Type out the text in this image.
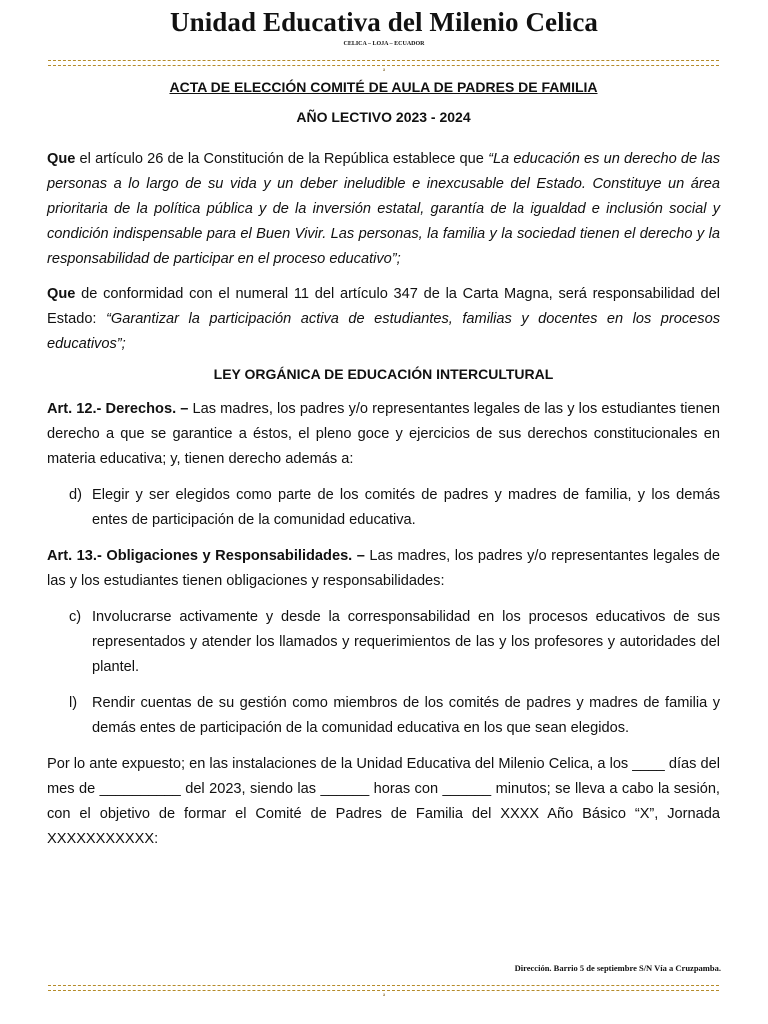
Unidad Educativa del Milenio Celica
CELICA – LOJA – ECUADOR
a
ACTA DE ELECCIÓN COMITÉ DE AULA DE PADRES DE FAMILIA
AÑO LECTIVO 2023 - 2024

Que el artículo 26 de la Constitución de la República establece que “La educación es un derecho de las personas a lo largo de su vida y un deber ineludible e inexcusable del Estado. Constituye un área prioritaria de la política pública y de la inversión estatal, garantía de la igualdad e inclusión social y condición indispensable para el Buen Vivir. Las personas, la familia y la sociedad tienen el derecho y la responsabilidad de participar en el proceso educativo”;

Que de conformidad con el numeral 11 del artículo 347 de la Carta Magna, será responsabilidad del Estado: “Garantizar la participación activa de estudiantes, familias y docentes en los procesos educativos”;

LEY ORGÁNICA DE EDUCACIÓN INTERCULTURAL

Art. 12.- Derechos. – Las madres, los padres y/o representantes legales de las y los estudiantes tienen derecho a que se garantice a éstos, el pleno goce y ejercicios de sus derechos constitucionales en materia educativa; y, tienen derecho además a:

d) Elegir y ser elegidos como parte de los comités de padres y madres de familia, y los demás entes de participación de la comunidad educativa.

Art. 13.- Obligaciones y Responsabilidades. – Las madres, los padres y/o representantes legales de las y los estudiantes tienen obligaciones y responsabilidades:

c) Involucrarse activamente y desde la corresponsabilidad en los procesos educativos de sus representados y atender los llamados y requerimientos de las y los profesores y autoridades del plantel.
l) Rendir cuentas de su gestión como miembros de los comités de padres y madres de familia y demás entes de participación de la comunidad educativa en los que sean elegidos.

Por lo ante expuesto; en las instalaciones de la Unidad Educativa del Milenio Celica, a los ____ días del mes de __________ del 2023, siendo las ______ horas con ______ minutos; se lleva a cabo la sesión, con el objetivo de formar el Comité de Padres de Familia del XXXX Año Básico “X”, Jornada XXXXXXXXXXX:

Dirección. Barrio 5 de septiembre S/N Vía a Cruzpamba.
a
